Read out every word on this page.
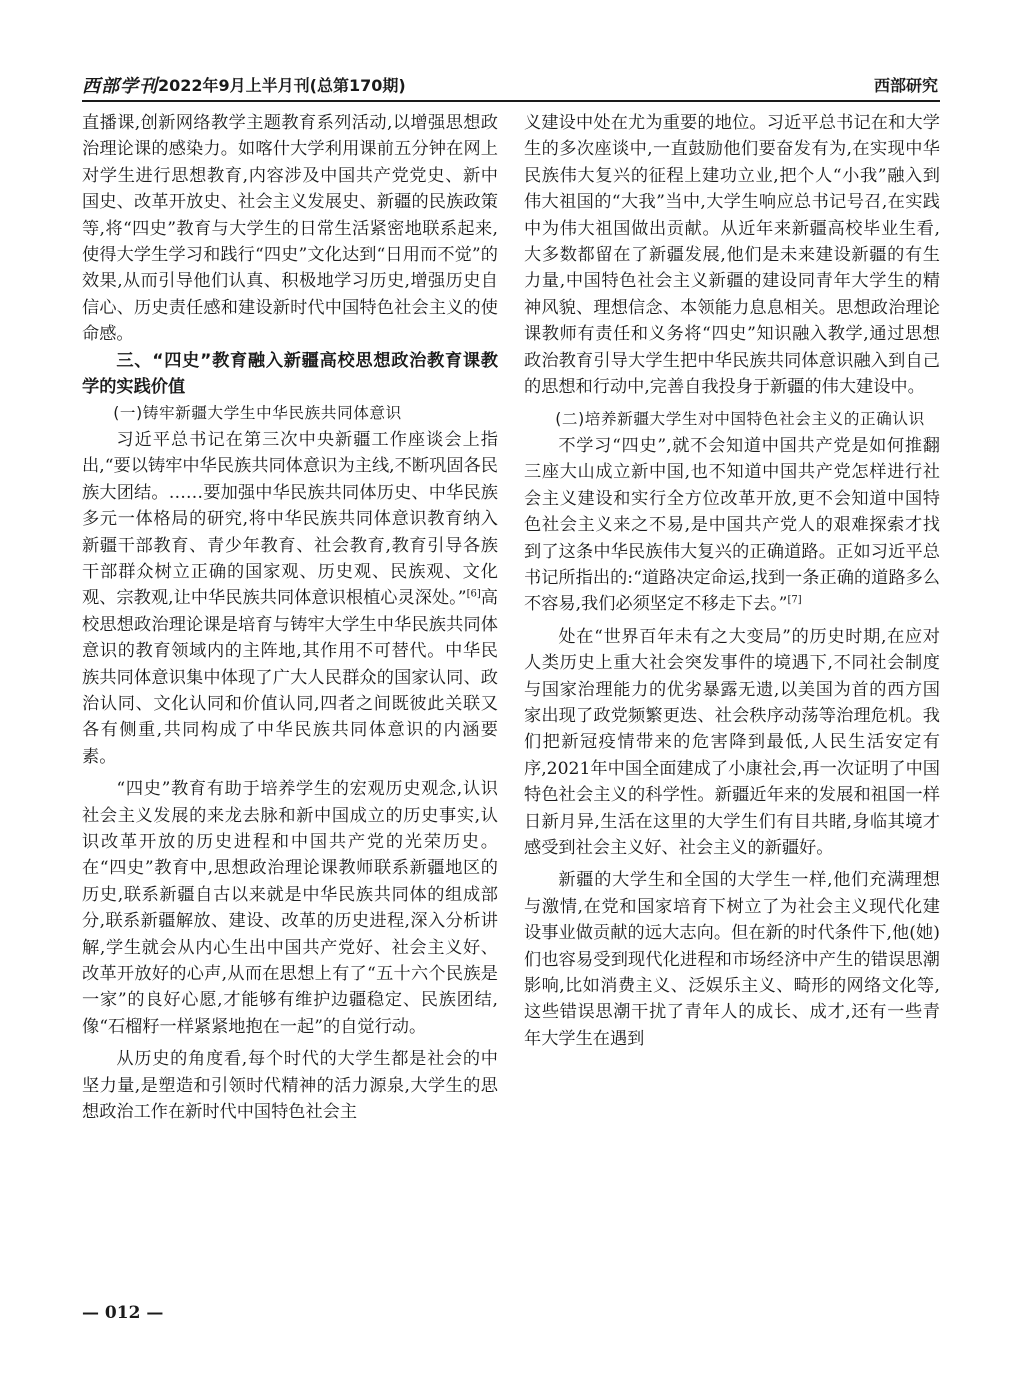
西部学刊 2022年9月上半月刊(总第170期)	西部研究

直播课,创新网络教学主题教育系列活动,以增强思想政治理论课的感染力。如喀什大学利用课前五分钟在网上对学生进行思想教育,内容涉及中国共产党党史、新中国史、改革开放史、社会主义发展史、新疆的民族政策等,将“四史”教育与大学生的日常生活紧密地联系起来,使得大学生学习和践行“四史”文化达到“日用而不觉”的效果,从而引导他们认真、积极地学习历史,增强历史自信心、历史责任感和建设新时代中国特色社会主义的使命感。

三、“四史”教育融入新疆高校思想政治教育课教学的实践价值
(一)铸牢新疆大学生中华民族共同体意识

习近平总书记在第三次中央新疆工作座谈会上指出,“要以铸牢中华民族共同体意识为主线,不断巩固各民族大团结。……要加强中华民族共同体历史、中华民族多元一体格局的研究,将中华民族共同体意识教育纳入新疆干部教育、青少年教育、社会教育,教育引导各族干部群众树立正确的国家观、历史观、民族观、文化观、宗教观,让中华民族共同体意识根植心灵深处。”[6]高校思想政治理论课是培育与铸牢大学生中华民族共同体意识的教育领域内的主阵地,其作用不可替代。中华民族共同体意识集中体现了广大人民群众的国家认同、政治认同、文化认同和价值认同,四者之间既彼此关联又各有侧重,共同构成了中华民族共同体意识的内涵要素。

“四史”教育有助于培养学生的宏观历史观念,认识社会主义发展的来龙去脉和新中国成立的历史事实,认识改革开放的历史进程和中国共产党的光荣历史。在“四史”教育中,思想政治理论课教师联系新疆地区的历史,联系新疆自古以来就是中华民族共同体的组成部分,联系新疆解放、建设、改革的历史进程,深入分析讲解,学生就会从内心生出中国共产党好、社会主义好、改革开放好的心声,从而在思想上有了“五十六个民族是一家”的良好心愿,才能够有维护边疆稳定、民族团结,像“石榴籽一样紧紧地抱在一起”的自觉行动。

从历史的角度看,每个时代的大学生都是社会的中坚力量,是塑造和引领时代精神的活力源泉,大学生的思想政治工作在新时代中国特色社会主

义建设中处在尤为重要的地位。习近平总书记在和大学生的多次座谈中,一直鼓励他们要奋发有为,在实现中华民族伟大复兴的征程上建功立业,把个人“小我”融入到伟大祖国的“大我”当中,大学生响应总书记号召,在实践中为伟大祖国做出贡献。从近年来新疆高校毕业生看,大多数都留在了新疆发展,他们是未来建设新疆的有生力量,中国特色社会主义新疆的建设同青年大学生的精神风貌、理想信念、本领能力息息相关。思想政治理论课教师有责任和义务将“四史”知识融入教学,通过思想政治教育引导大学生把中华民族共同体意识融入到自己的思想和行动中,完善自我投身于新疆的伟大建设中。

(二)培养新疆大学生对中国特色社会主义的正确认识

不学习“四史”,就不会知道中国共产党是如何推翻三座大山成立新中国,也不知道中国共产党怎样进行社会主义建设和实行全方位改革开放,更不会知道中国特色社会主义来之不易,是中国共产党人的艰难探索才找到了这条中华民族伟大复兴的正确道路。正如习近平总书记所指出的:“道路决定命运,找到一条正确的道路多么不容易,我们必须坚定不移走下去。”[7]

处在“世界百年未有之大变局”的历史时期,在应对人类历史上重大社会突发事件的境遇下,不同社会制度与国家治理能力的优劣暴露无遗,以美国为首的西方国家出现了政党频繁更迭、社会秩序动荡等治理危机。我们把新冠疫情带来的危害降到最低,人民生活安定有序,2021年中国全面建成了小康社会,再一次证明了中国特色社会主义的科学性。新疆近年来的发展和祖国一样日新月异,生活在这里的大学生们有目共睹,身临其境才感受到社会主义好、社会主义的新疆好。

新疆的大学生和全国的大学生一样,他们充满理想与激情,在党和国家培育下树立了为社会主义现代化建设事业做贡献的远大志向。但在新的时代条件下,他(她)们也容易受到现代化进程和市场经济中产生的错误思潮影响,比如消费主义、泛娱乐主义、畸形的网络文化等,这些错误思潮干扰了青年人的成长、成才,还有一些青年大学生在遇到

— 012 —
